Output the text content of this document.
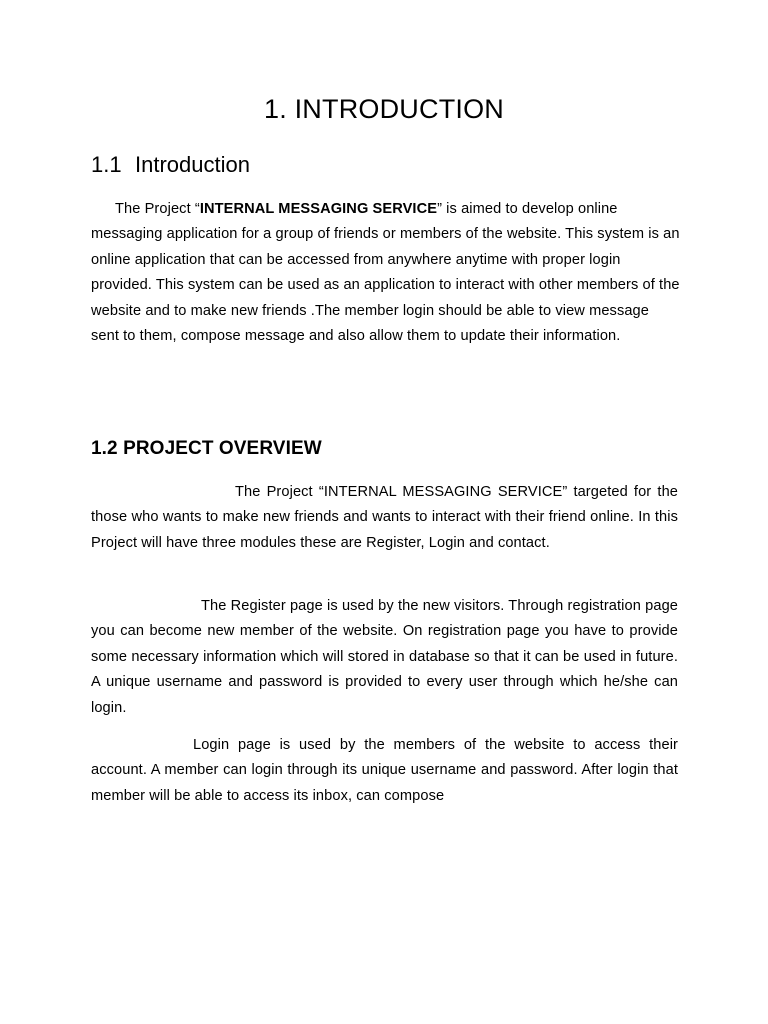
1. INTRODUCTION
1.1 Introduction

The Project “INTERNAL MESSAGING SERVICE” is aimed to develop online messaging application for a group of friends or members of the website. This system is an online application that can be accessed from anywhere anytime with proper login provided. This system can be used as an application to interact with other members of the website and to make new friends .The member login should be able to view message sent to them, compose message and also allow them to update their information.

1.2 PROJECT OVERVIEW

The Project “INTERNAL MESSAGING SERVICE” targeted for the those who wants to make new friends and wants to interact with their friend online. In this Project will have three modules these are Register, Login and contact.

The Register page is used by the new visitors. Through registration page you can become new member of the website. On registration page you have to provide some necessary information which will stored in database so that it can be used in future. A unique username and password is provided to every user through which he/she can login.

Login page is used by the members of the website to access their account. A member can login through its unique username and password. After login that member will be able to access its inbox, can compose
